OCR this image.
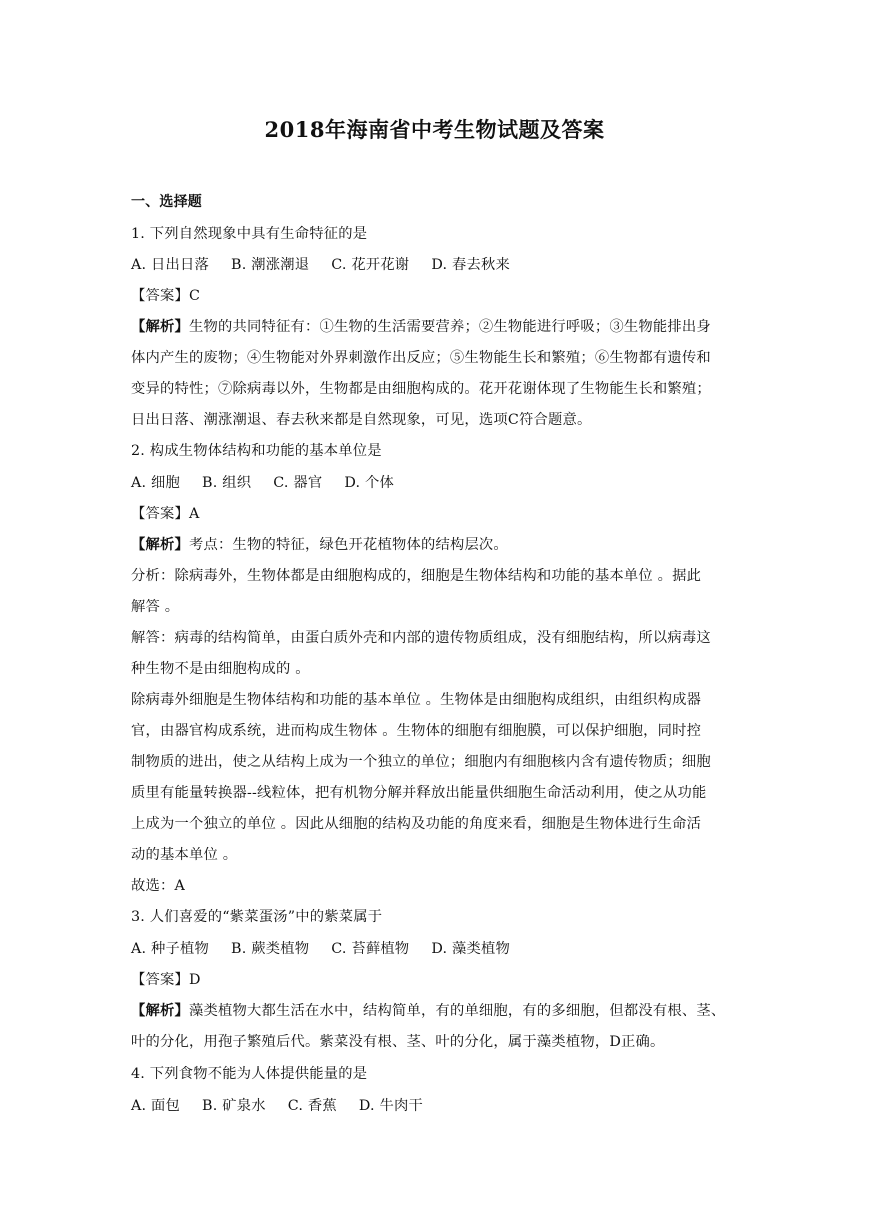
2018年海南省中考生物试题及答案
一、选择题
1. 下列自然现象中具有生命特征的是
A. 日出日落 B. 潮涨潮退 C. 花开花谢 D. 春去秋来
【答案】C
【解析】生物的共同特征有：①生物的生活需要营养；②生物能进行呼吸；③生物能排出身
体内产生的废物；④生物能对外界刺激作出反应；⑤生物能生长和繁殖；⑥生物都有遗传和
变异的特性；⑦除病毒以外，生物都是由细胞构成的。花开花谢体现了生物能生长和繁殖；
日出日落、潮涨潮退、春去秋来都是自然现象，可见，选项C符合题意。
2. 构成生物体结构和功能的基本单位是
A. 细胞 B. 组织 C. 器官 D. 个体
【答案】A
【解析】考点：生物的特征，绿色开花植物体的结构层次。
分析：除病毒外，生物体都是由细胞构成的，细胞是生物体结构和功能的基本单位 。据此
解答 。
解答：病毒的结构简单，由蛋白质外壳和内部的遗传物质组成，没有细胞结构，所以病毒这
种生物不是由细胞构成的 。
除病毒外细胞是生物体结构和功能的基本单位 。生物体是由细胞构成组织，由组织构成器
官，由器官构成系统，进而构成生物体 。生物体的细胞有细胞膜，可以保护细胞，同时控
制物质的进出，使之从结构上成为一个独立的单位；细胞内有细胞核内含有遗传物质；细胞
质里有能量转换器--线粒体，把有机物分解并释放出能量供细胞生命活动利用，使之从功能
上成为一个独立的单位 。因此从细胞的结构及功能的角度来看，细胞是生物体进行生命活
动的基本单位 。
故选：A
3. 人们喜爱的“紫菜蛋汤”中的紫菜属于
A. 种子植物 B. 蕨类植物 C. 苔藓植物 D. 藻类植物
【答案】D
【解析】藻类植物大都生活在水中，结构简单，有的单细胞，有的多细胞，但都没有根、茎、
叶的分化，用孢子繁殖后代。紫菜没有根、茎、叶的分化，属于藻类植物，D正确。
4. 下列食物不能为人体提供能量的是
A. 面包 B. 矿泉水 C. 香蕉 D. 牛肉干
